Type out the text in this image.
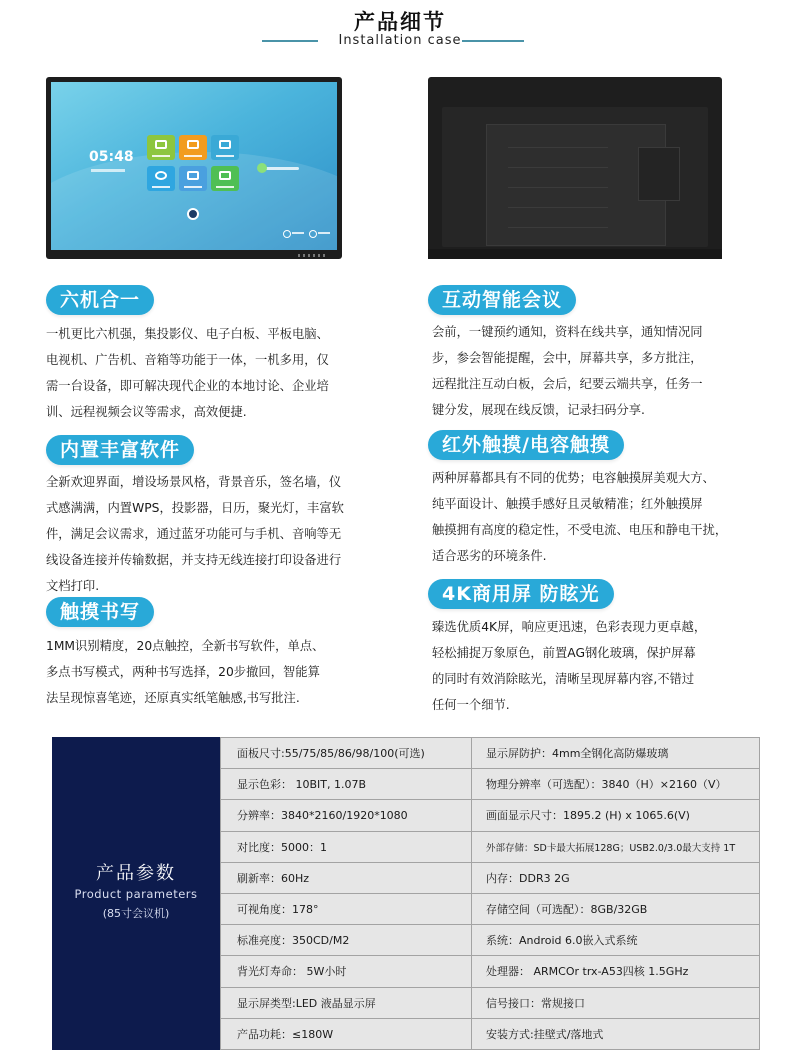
产品细节
Installation case
05:48
六机合一
一机更比六机强，集投影仪、电子白板、平板电脑、
电视机、广告机、音箱等功能于一体，一机多用，仅
需一台设备，即可解决现代企业的本地讨论、企业培
训、远程视频会议等需求，高效便捷.
内置丰富软件
全新欢迎界面，增设场景风格，背景音乐，签名墙，仪
式感满满，内置WPS，投影器，日历，聚光灯，丰富软
件，满足会议需求，通过蓝牙功能可与手机、音响等无
线设备连接并传输数据，并支持无线连接打印设备进行
文档打印.
触摸书写
1MM识别精度，20点触控，全新书写软件，单点、
多点书写模式，两种书写选择，20步撤回，智能算
法呈现惊喜笔迹，还原真实纸笔触感,书写批注.
互动智能会议
会前，一键预约通知，资料在线共享，通知情况同
步，参会智能提醒，会中，屏幕共享，多方批注，
远程批注互动白板，会后，纪要云端共享，任务一
键分发，展现在线反馈，记录扫码分享.
红外触摸/电容触摸
两种屏幕都具有不同的优势；电容触摸屏美观大方、
纯平面设计、触摸手感好且灵敏精准；红外触摸屏
触摸拥有高度的稳定性，不受电流、电压和静电干扰，
适合恶劣的环境条件.
4K商用屏 防眩光
臻选优质4K屏，响应更迅速，色彩表现力更卓越，
轻松捕捉万象原色，前置AG钢化玻璃，保护屏幕
的同时有效消除眩光，清晰呈现屏幕内容,不错过
任何一个细节.
产品参数
Product parameters
(85寸会议机)
面板尺寸:55/75/85/86/98/100(可选)	显示屏防护：4mm全钢化高防爆玻璃
显示色彩： 10BIT, 1.07B	物理分辨率（可选配）：3840（H）×2160（V）
分辨率：3840*2160/1920*1080	画面显示尺寸：1895.2 (H) x 1065.6(V)
对比度：5000：1	外部存储：SD卡最大拓展128G；USB2.0/3.0最大支持 1T
刷新率：60Hz	内存：DDR3 2G
可视角度：178°	存储空间（可选配）：8GB/32GB
标准亮度：350CD/M2	系统：Android 6.0嵌入式系统
背光灯寿命： 5W小时	处理器： ARMCOr trx-A53四核 1.5GHz
显示屏类型:LED 液晶显示屏	信号接口：常规接口
产品功耗：≤180W	安装方式:挂壁式/落地式
